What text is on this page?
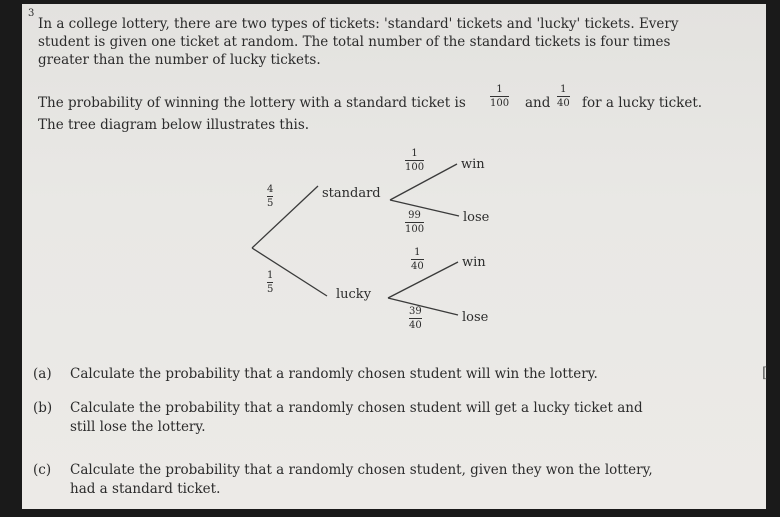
3
In a college lottery, there are two types of tickets: 'standard' tickets and 'lucky' tickets. Every
student is given one ticket at random. The total number of the standard tickets is four times
greater than the number of lucky tickets.
The probability of winning the lottery with a standard ticket is
1
100 and
1
40 for a lucky ticket.
The tree diagram below illustrates this.
4
5
1
5
standard
lucky
1
100	win
99
100
lose
1
40	win
39
40
lose
(a) Calculate the probability that a randomly chosen student will win the lottery.
(b) Calculate the probability that a randomly chosen student will get a lucky ticket and
still lose the lottery.
(c) Calculate the probability that a randomly chosen student, given they won the lottery,
had a standard ticket.
[
